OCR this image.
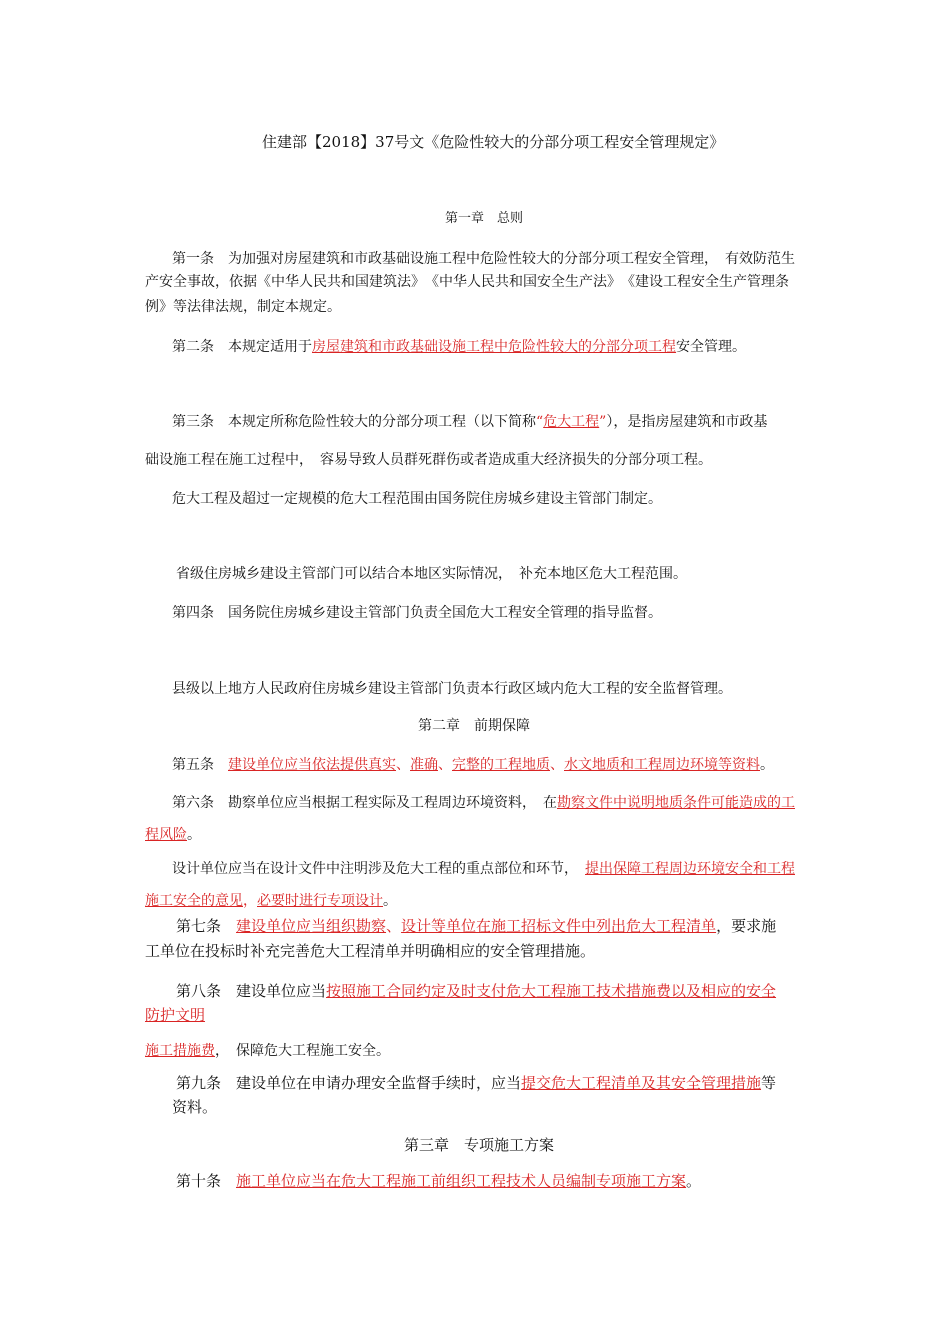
住建部【2018】37号文《危险性较大的分部分项工程安全管理规定》
第一章　总则
第一条　为加强对房屋建筑和市政基础设施工程中危险性较大的分部分项工程安全管理，　有效防范生
产安全事故，依据《中华人民共和国建筑法》　《中华人民共和国安全生产法》　《建设工程安全生产管理条
例》等法律法规，制定本规定。
第二条　本规定适用于房屋建筑和市政基础设施工程中危险性较大的分部分项工程安全管理。
第三条　本规定所称危险性较大的分部分项工程（以下简称“危大工程”），是指房屋建筑和市政基
础设施工程在施工过程中，　容易导致人员群死群伤或者造成重大经济损失的分部分项工程。
危大工程及超过一定规模的危大工程范围由国务院住房城乡建设主管部门制定。
省级住房城乡建设主管部门可以结合本地区实际情况，　补充本地区危大工程范围。
第四条　国务院住房城乡建设主管部门负责全国危大工程安全管理的指导监督。
县级以上地方人民政府住房城乡建设主管部门负责本行政区域内危大工程的安全监督管理。
第二章　前期保障
第五条　建设单位应当依法提供真实、准确、完整的工程地质、水文地质和工程周边环境等资料。
第六条　勘察单位应当根据工程实际及工程周边环境资料，　在勘察文件中说明地质条件可能造成的工
程风险。
设计单位应当在设计文件中注明涉及危大工程的重点部位和环节，　提出保障工程周边环境安全和工程
施工安全的意见，必要时进行专项设计。
第七条　建设单位应当组织勘察、设计等单位在施工招标文件中列出危大工程清单，要求施
工单位在投标时补充完善危大工程清单并明确相应的安全管理措施。
第八条　建设单位应当按照施工合同约定及时支付危大工程施工技术措施费以及相应的安全
防护文明
施工措施费，　保障危大工程施工安全。
第九条　建设单位在申请办理安全监督手续时，应当提交危大工程清单及其安全管理措施等
资料。
第三章　专项施工方案
第十条　施工单位应当在危大工程施工前组织工程技术人员编制专项施工方案。
